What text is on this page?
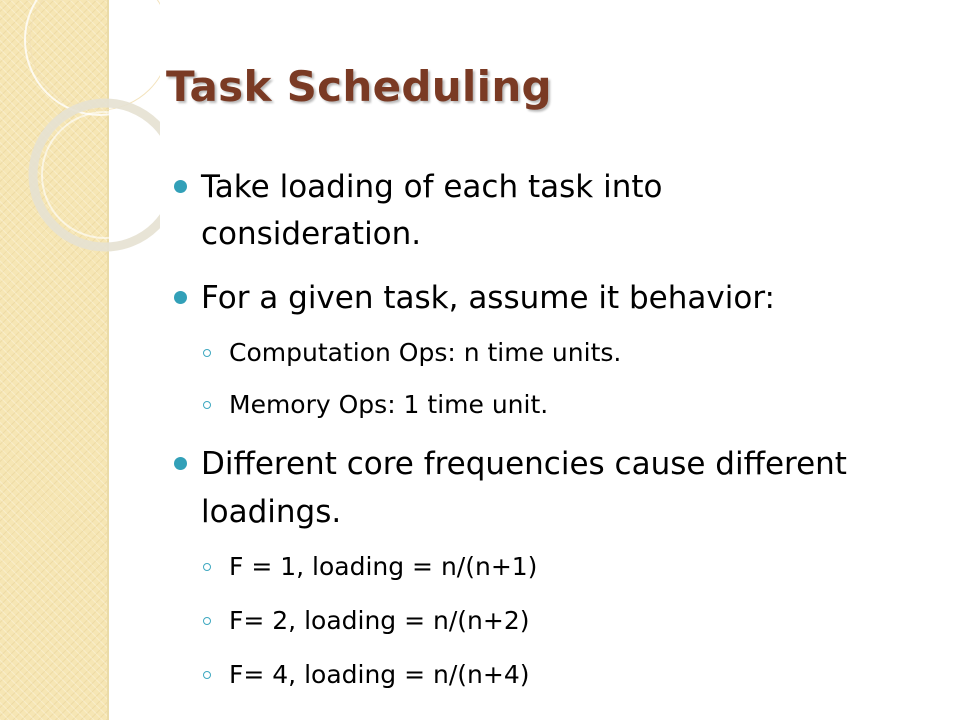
Task Scheduling
Take loading of each task into
consideration.
For a given task, assume it behavior:
Computation Ops: n time units.
Memory Ops: 1 time unit.
Different core frequencies cause different
loadings.
F = 1, loading = n/(n+1)
F= 2, loading = n/(n+2)
F= 4, loading = n/(n+4)
